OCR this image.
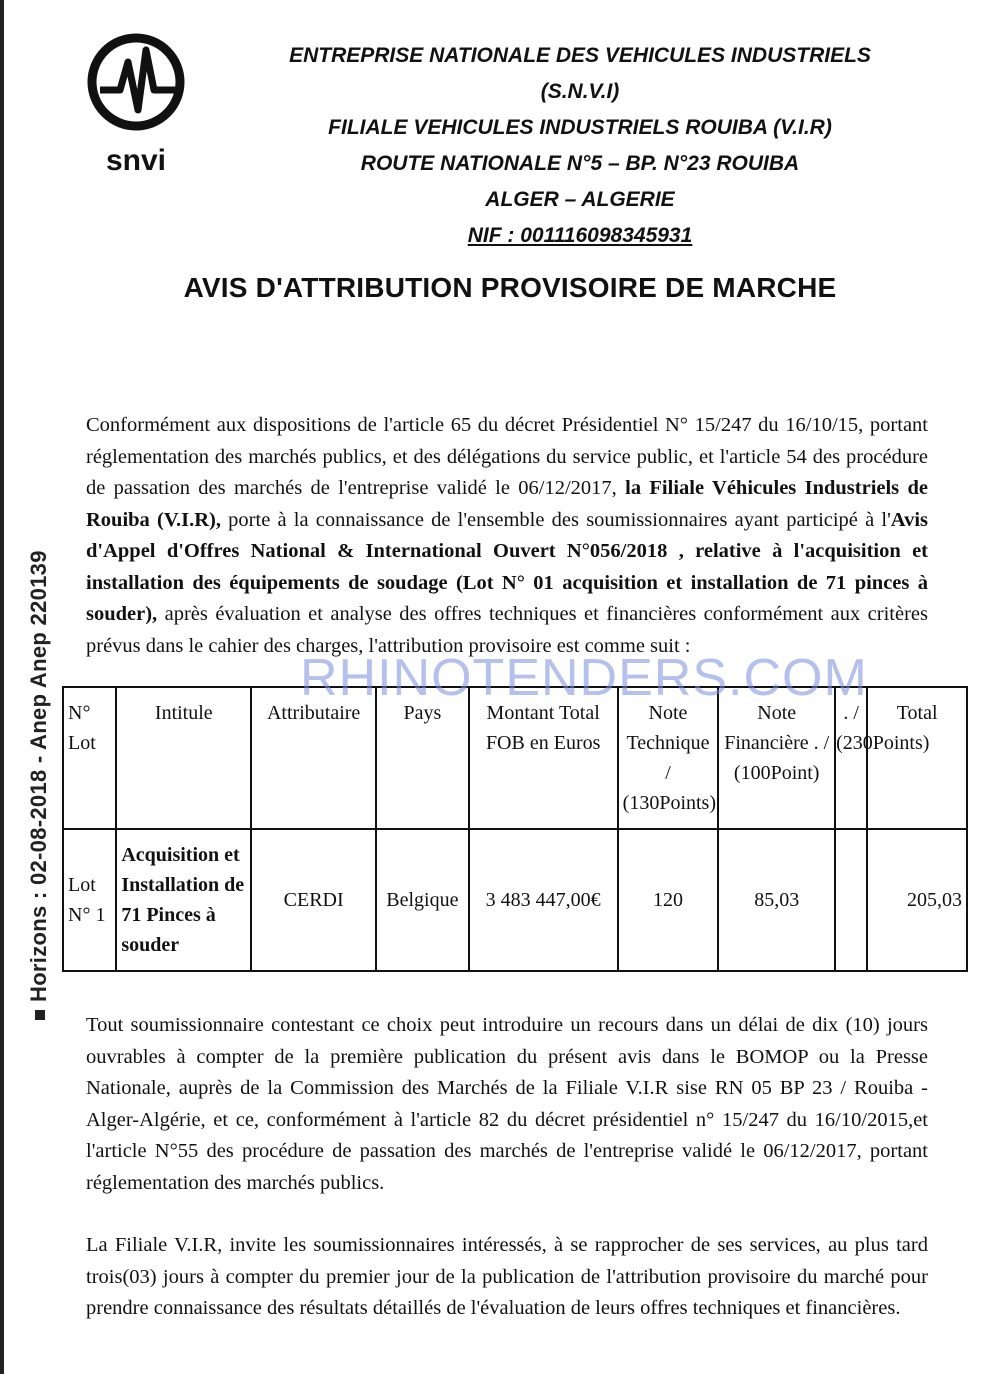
Horizons : 02-08-2018 - Anep Anep 220139
snvi
ENTREPRISE NATIONALE DES VEHICULES INDUSTRIELS (S.N.V.I)
FILIALE VEHICULES INDUSTRIELS ROUIBA (V.I.R)
ROUTE NATIONALE N°5 – BP. N°23 ROUIBA
ALGER – ALGERIE
NIF : 001116098345931
AVIS D'ATTRIBUTION PROVISOIRE DE MARCHE
Conformément aux dispositions de l'article 65 du décret Présidentiel N° 15/247 du 16/10/15, portant réglementation des marchés publics, et des délégations du service public, et l'article 54 des procédure de passation des marchés de l'entreprise validé le 06/12/2017, la Filiale Véhicules Industriels de Rouiba (V.I.R), porte à la connaissance de l'ensemble des soumissionnaires ayant participé à l'Avis d'Appel d'Offres National & International Ouvert N°056/2018 , relative à l'acquisition et installation des équipements de soudage (Lot N° 01 acquisition et installation de 71 pinces à souder), après évaluation et analyse des offres techniques et financières conformément aux critères prévus dans le cahier des charges, l'attribution provisoire est comme suit :
N° Lot	Intitule	Attributaire	Pays	Montant Total FOB en Euros	Note Technique / (130Points)	Note Financière . / (100Point)	. / (230Points)	Total
Lot N° 1	Acquisition et Installation de 71 Pinces à souder	CERDI	Belgique	3 483 447,00€	120	85,03		205,03
RHINOTENDERS.COM
Tout soumissionnaire contestant ce choix peut introduire un recours dans un délai de dix (10) jours ouvrables à compter de la première publication du présent avis dans le BOMOP ou la Presse Nationale, auprès de la Commission des Marchés de la Filiale V.I.R sise RN 05 BP 23 / Rouiba - Alger-Algérie, et ce, conformément à l'article 82 du décret présidentiel n° 15/247 du 16/10/2015,et l'article N°55 des procédure de passation des marchés de l'entreprise validé le 06/12/2017, portant réglementation des marchés publics.
La Filiale V.I.R, invite les soumissionnaires intéressés, à se rapprocher de ses services, au plus tard trois(03) jours à compter du premier jour de la publication de l'attribution provisoire du marché pour prendre connaissance des résultats détaillés de l'évaluation de leurs offres techniques et financières.
